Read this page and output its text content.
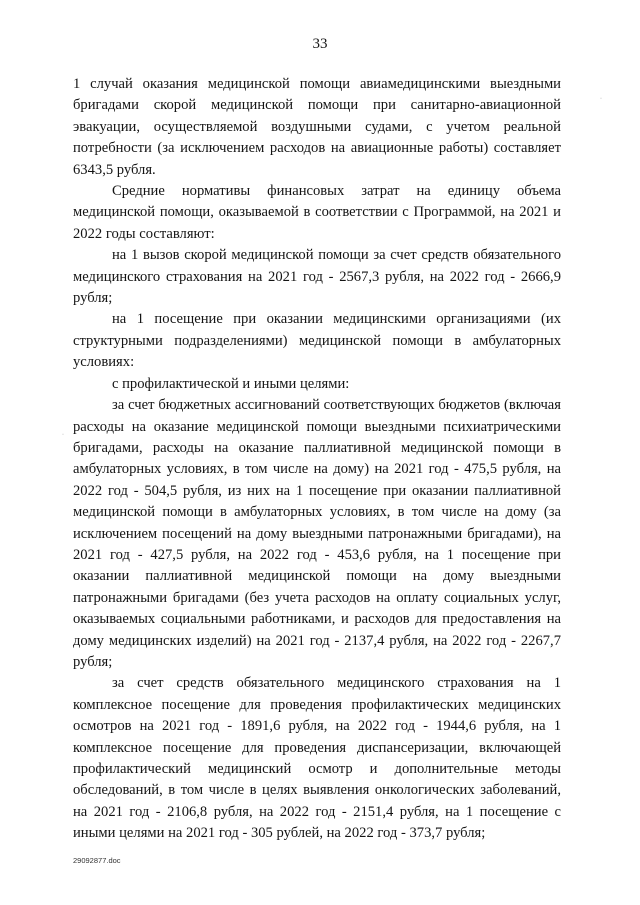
33

1 случай оказания медицинской помощи авиамедицинскими выездными бригадами скорой медицинской помощи при санитарно-авиационной эвакуации, осуществляемой воздушными судами, с учетом реальной потребности (за исключением расходов на авиационные работы) составляет 6343,5 рубля.

Средние нормативы финансовых затрат на единицу объема медицинской помощи, оказываемой в соответствии с Программой, на 2021 и 2022 годы составляют:

на 1 вызов скорой медицинской помощи за счет средств обязательного медицинского страхования на 2021 год - 2567,3 рубля, на 2022 год - 2666,9 рубля;

на 1 посещение при оказании медицинскими организациями (их структурными подразделениями) медицинской помощи в амбулаторных условиях:

с профилактической и иными целями:

за счет бюджетных ассигнований соответствующих бюджетов (включая расходы на оказание медицинской помощи выездными психиатрическими бригадами, расходы на оказание паллиативной медицинской помощи в амбулаторных условиях, в том числе на дому) на 2021 год - 475,5 рубля, на 2022 год - 504,5 рубля, из них на 1 посещение при оказании паллиативной медицинской помощи в амбулаторных условиях, в том числе на дому (за исключением посещений на дому выездными патронажными бригадами), на 2021 год - 427,5 рубля, на 2022 год - 453,6 рубля, на 1 посещение при оказании паллиативной медицинской помощи на дому выездными патронажными бригадами (без учета расходов на оплату социальных услуг, оказываемых социальными работниками, и расходов для предоставления на дому медицинских изделий) на 2021 год - 2137,4 рубля, на 2022 год - 2267,7 рубля;

за счет средств обязательного медицинского страхования на 1 комплексное посещение для проведения профилактических медицинских осмотров на 2021 год - 1891,6 рубля, на 2022 год - 1944,6 рубля, на 1 комплексное посещение для проведения диспансеризации, включающей профилактический медицинский осмотр и дополнительные методы обследований, в том числе в целях выявления онкологических заболеваний, на 2021 год - 2106,8 рубля, на 2022 год - 2151,4 рубля, на 1 посещение с иными целями на 2021 год - 305 рублей, на 2022 год - 373,7 рубля;

29092877.doc
·
·
